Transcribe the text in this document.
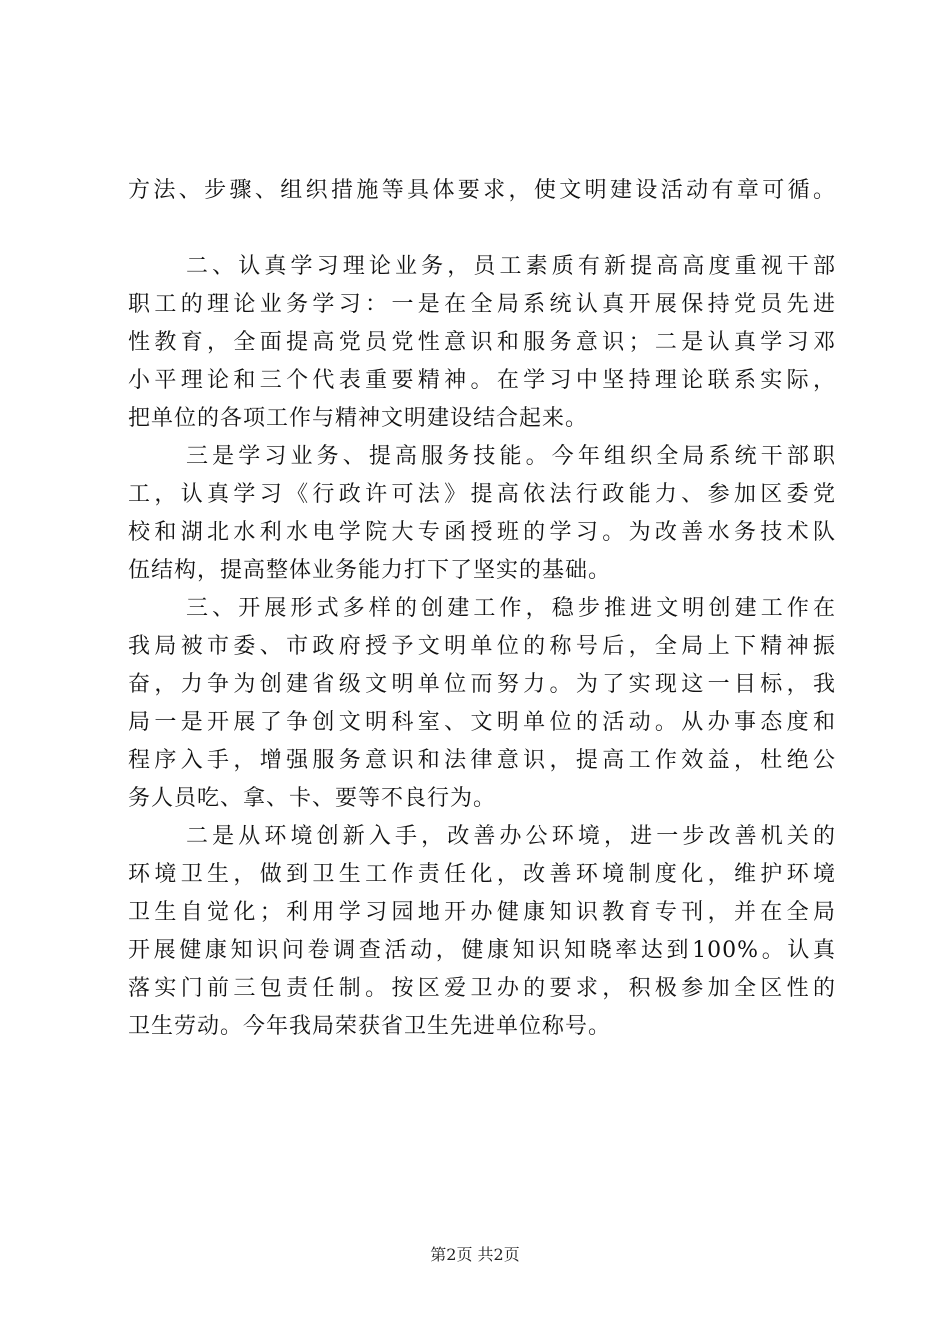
方法、步骤、组织措施等具体要求，使文明建设活动有章可循。
二、认真学习理论业务，员工素质有新提高高度重视干部
职工的理论业务学习：一是在全局系统认真开展保持党员先进
性教育，全面提高党员党性意识和服务意识；二是认真学习邓
小平理论和三个代表重要精神。在学习中坚持理论联系实际，
把单位的各项工作与精神文明建设结合起来。
三是学习业务、提高服务技能。今年组织全局系统干部职
工，认真学习《行政许可法》提高依法行政能力、参加区委党
校和湖北水利水电学院大专函授班的学习。为改善水务技术队
伍结构，提高整体业务能力打下了坚实的基础。
三、开展形式多样的创建工作，稳步推进文明创建工作在
我局被市委、市政府授予文明单位的称号后，全局上下精神振
奋，力争为创建省级文明单位而努力。为了实现这一目标，我
局一是开展了争创文明科室、文明单位的活动。从办事态度和
程序入手，增强服务意识和法律意识，提高工作效益，杜绝公
务人员吃、拿、卡、要等不良行为。
二是从环境创新入手，改善办公环境，进一步改善机关的
环境卫生，做到卫生工作责任化，改善环境制度化，维护环境
卫生自觉化；利用学习园地开办健康知识教育专刊，并在全局
开展健康知识问卷调查活动，健康知识知晓率达到100%。认真
落实门前三包责任制。按区爱卫办的要求，积极参加全区性的
卫生劳动。今年我局荣获省卫生先进单位称号。
第2页 共2页
